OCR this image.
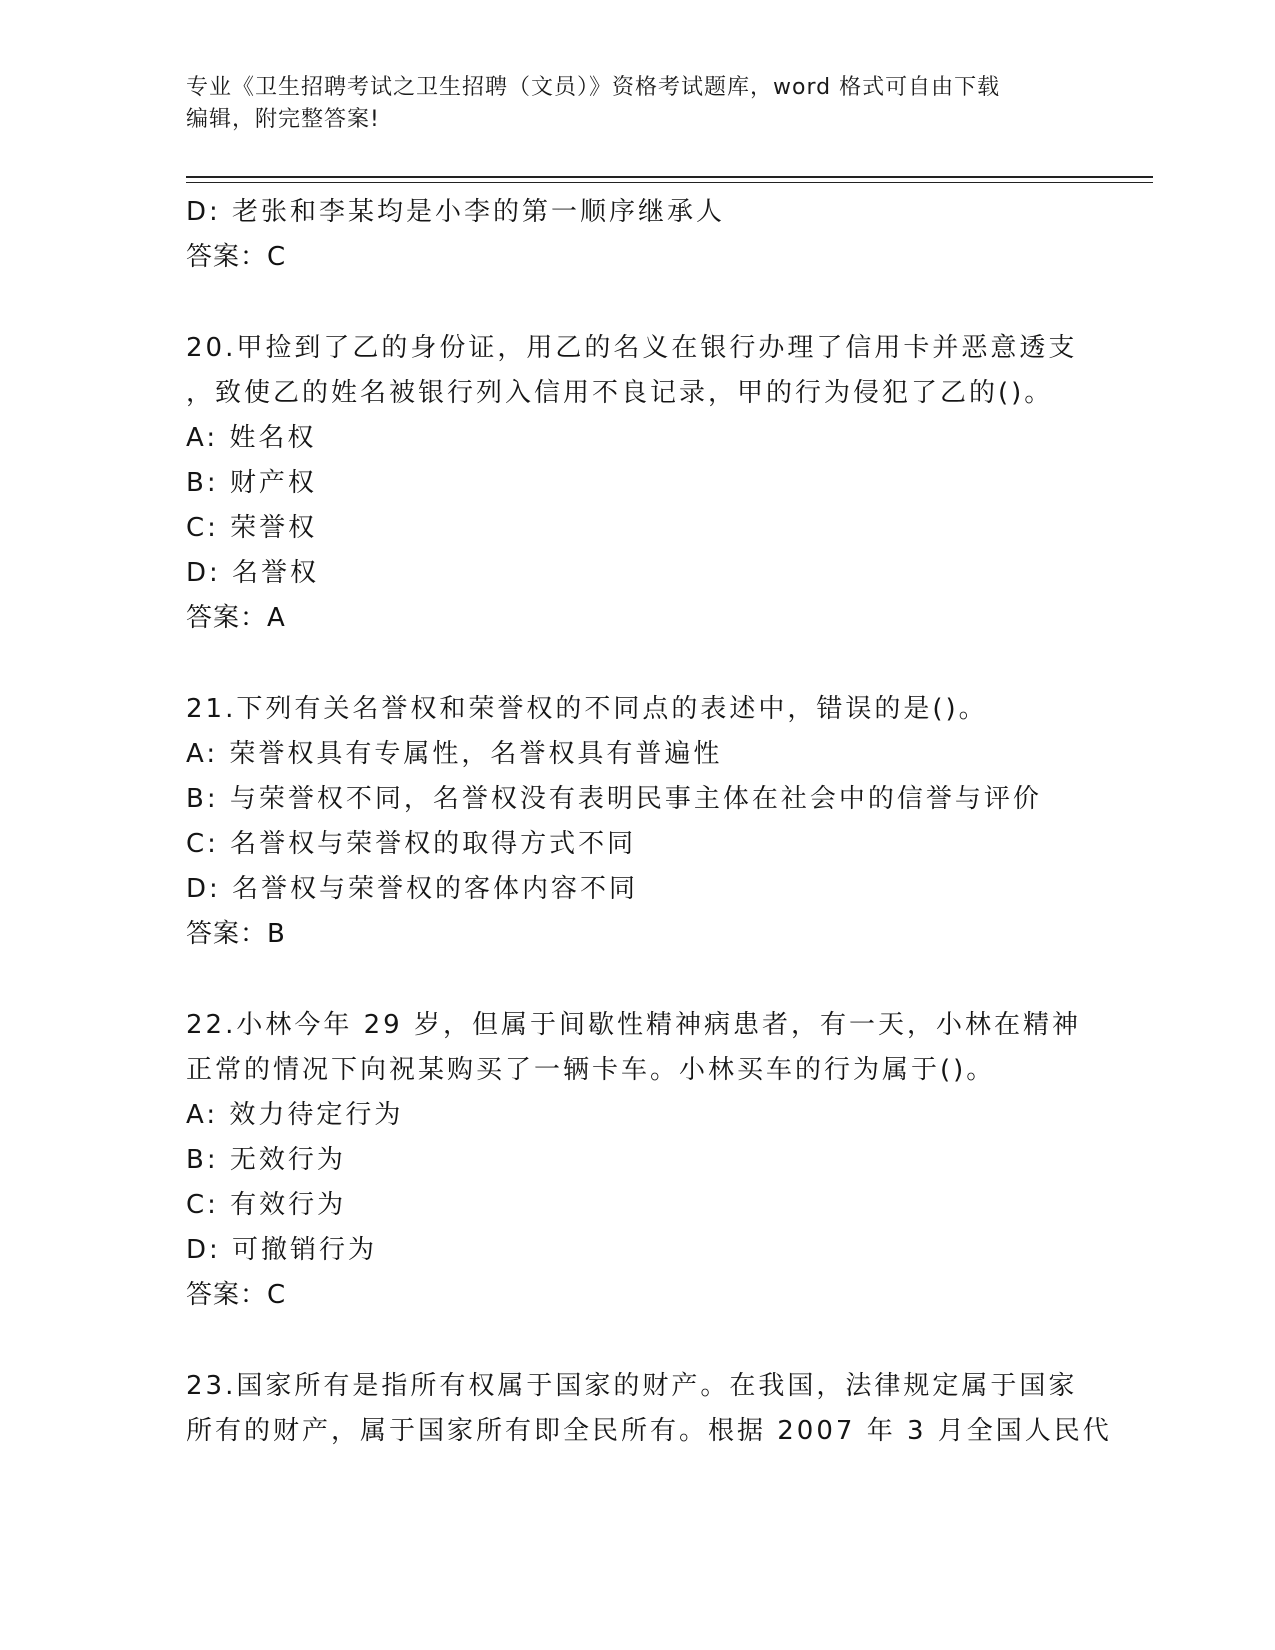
专业《卫生招聘考试之卫生招聘（文员）》资格考试题库，word 格式可自由下载
编辑，附完整答案!
D: 老张和李某均是小李的第一顺序继承人
答案：C
20.甲捡到了乙的身份证，用乙的名义在银行办理了信用卡并恶意透支
，致使乙的姓名被银行列入信用不良记录，甲的行为侵犯了乙的()。
A: 姓名权
B: 财产权
C: 荣誉权
D: 名誉权
答案：A
21.下列有关名誉权和荣誉权的不同点的表述中，错误的是()。
A: 荣誉权具有专属性，名誉权具有普遍性
B: 与荣誉权不同，名誉权没有表明民事主体在社会中的信誉与评价
C: 名誉权与荣誉权的取得方式不同
D: 名誉权与荣誉权的客体内容不同
答案：B
22.小林今年 29 岁，但属于间歇性精神病患者，有一天，小林在精神
正常的情况下向祝某购买了一辆卡车。小林买车的行为属于()。
A: 效力待定行为
B: 无效行为
C: 有效行为
D: 可撤销行为
答案：C
23.国家所有是指所有权属于国家的财产。在我国，法律规定属于国家
所有的财产，属于国家所有即全民所有。根据 2007 年 3 月全国人民代
